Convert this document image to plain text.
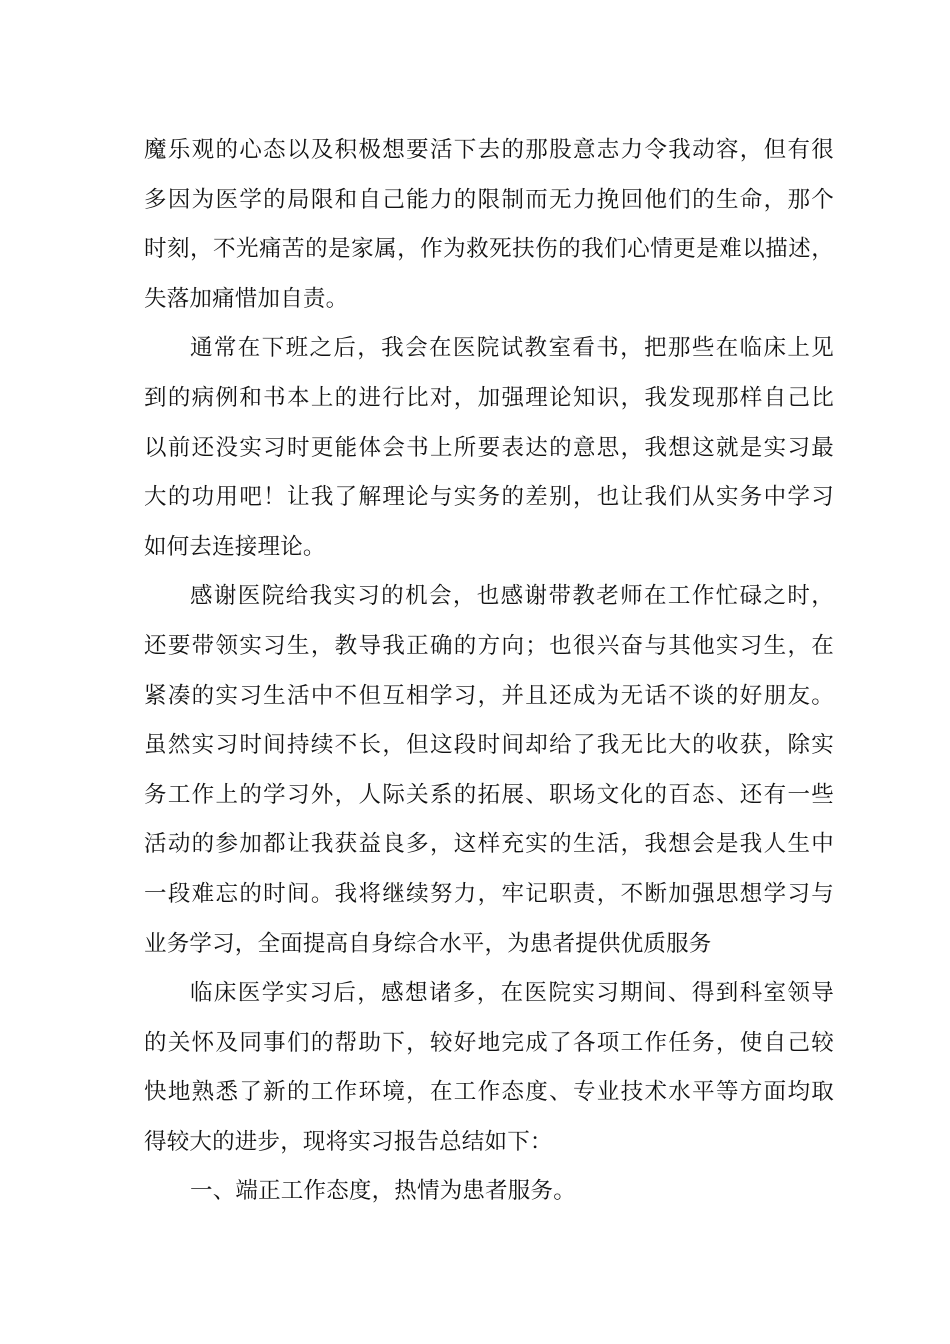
魔乐观的心态以及积极想要活下去的那股意志力令我动容，但有很
多因为医学的局限和自己能力的限制而无力挽回他们的生命，那个
时刻，不光痛苦的是家属，作为救死扶伤的我们心情更是难以描述，
失落加痛惜加自责。
通常在下班之后，我会在医院试教室看书，把那些在临床上见
到的病例和书本上的进行比对，加强理论知识，我发现那样自己比
以前还没实习时更能体会书上所要表达的意思，我想这就是实习最
大的功用吧！让我了解理论与实务的差别，也让我们从实务中学习
如何去连接理论。
感谢医院给我实习的机会，也感谢带教老师在工作忙碌之时，
还要带领实习生，教导我正确的方向；也很兴奋与其他实习生，在
紧凑的实习生活中不但互相学习，并且还成为无话不谈的好朋友。
虽然实习时间持续不长，但这段时间却给了我无比大的收获，除实
务工作上的学习外，人际关系的拓展、职场文化的百态、还有一些
活动的参加都让我获益良多，这样充实的生活，我想会是我人生中
一段难忘的时间。我将继续努力，牢记职责，不断加强思想学习与
业务学习，全面提高自身综合水平，为患者提供优质服务
临床医学实习后，感想诸多，在医院实习期间、得到科室领导
的关怀及同事们的帮助下，较好地完成了各项工作任务，使自己较
快地熟悉了新的工作环境，在工作态度、专业技术水平等方面均取
得较大的进步，现将实习报告总结如下：
一、端正工作态度，热情为患者服务。
